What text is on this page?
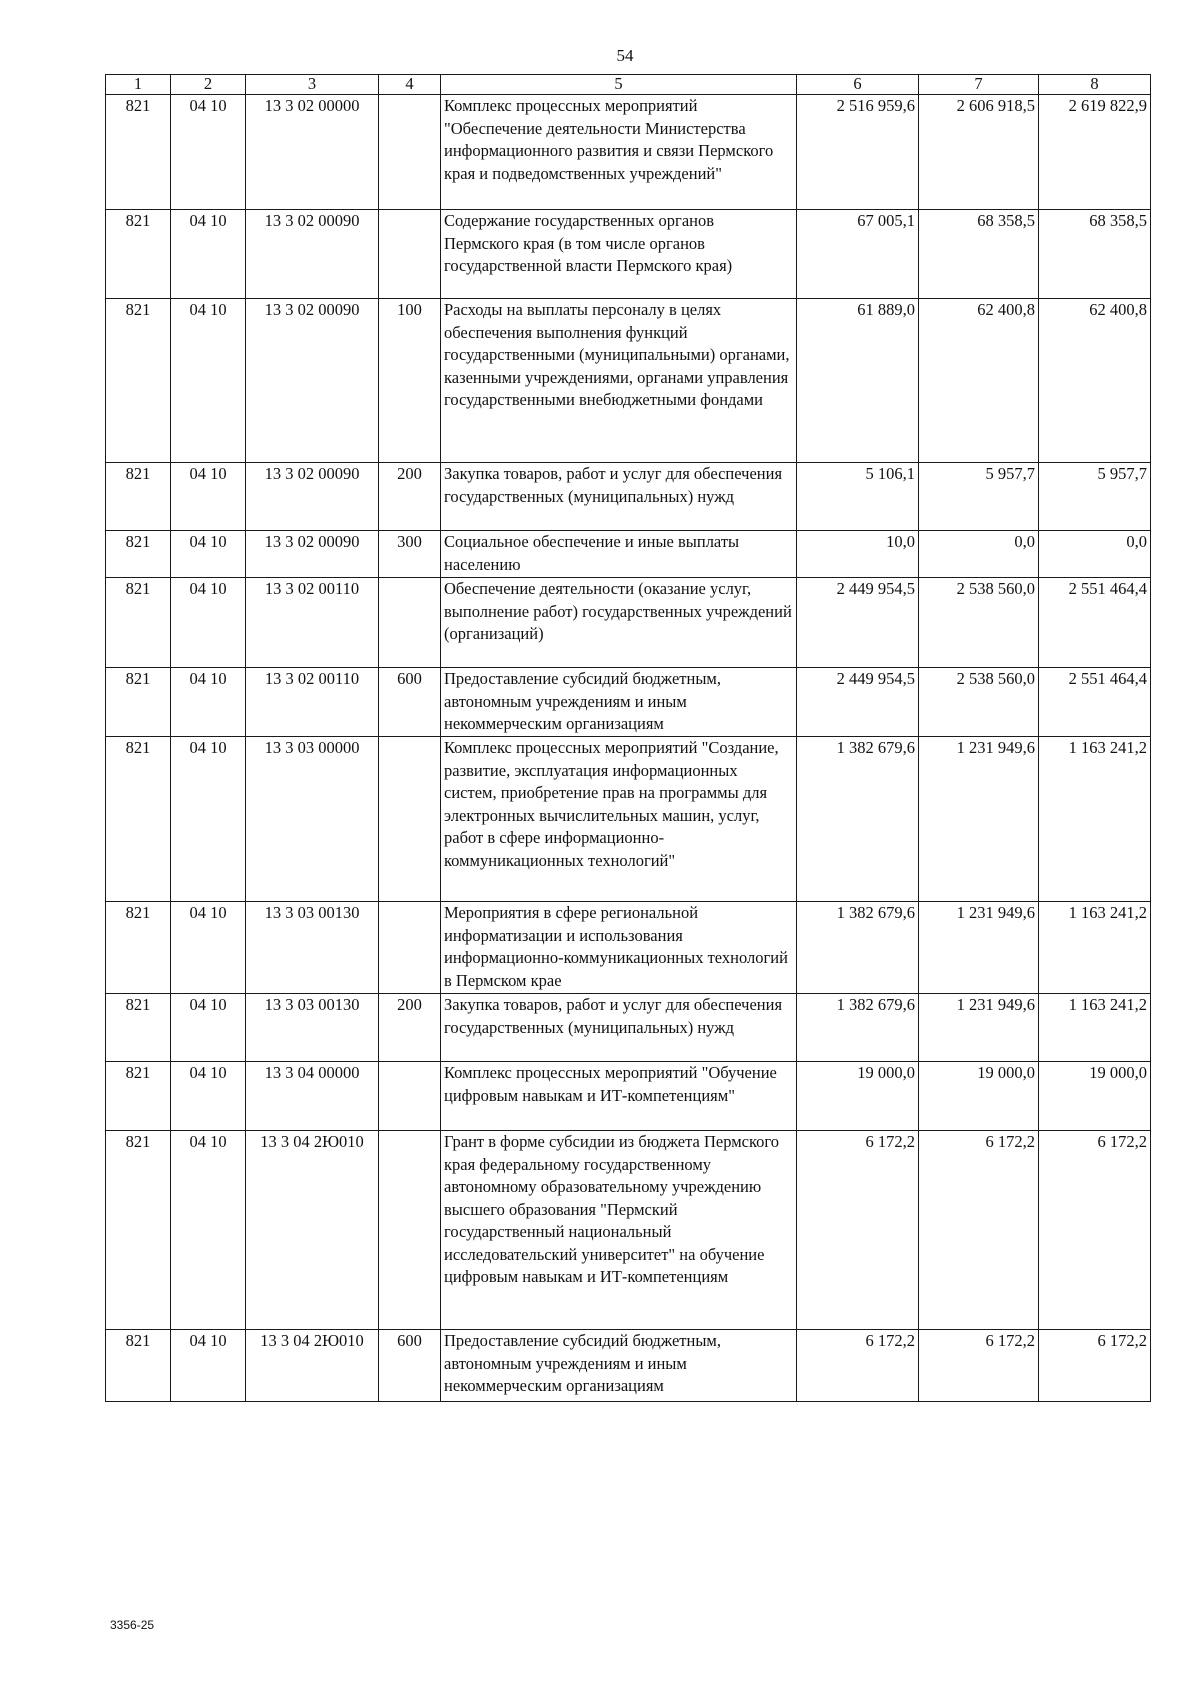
54
1	2	3	4	5	6	7	8
821	04 10	13 3 02 00000		Комплекс процессных мероприятий "Обеспечение деятельности Министерства информационного развития и связи Пермского края и подведомственных учреждений"	2 516 959,6	2 606 918,5	2 619 822,9
821	04 10	13 3 02 00090		Содержание государственных органов Пермского края (в том числе органов государственной власти Пермского края)	67 005,1	68 358,5	68 358,5
821	04 10	13 3 02 00090	100	Расходы на выплаты персоналу в целях обеспечения выполнения функций государственными (муниципальными) органами, казенными учреждениями, органами управления государственными внебюджетными фондами	61 889,0	62 400,8	62 400,8
821	04 10	13 3 02 00090	200	Закупка товаров, работ и услуг для обеспечения государственных (муниципальных) нужд	5 106,1	5 957,7	5 957,7
821	04 10	13 3 02 00090	300	Социальное обеспечение и иные выплаты населению	10,0	0,0	0,0
821	04 10	13 3 02 00110		Обеспечение деятельности (оказание услуг, выполнение работ) государственных учреждений (организаций)	2 449 954,5	2 538 560,0	2 551 464,4
821	04 10	13 3 02 00110	600	Предоставление субсидий бюджетным, автономным учреждениям и иным некоммерческим организациям	2 449 954,5	2 538 560,0	2 551 464,4
821	04 10	13 3 03 00000		Комплекс процессных мероприятий "Создание, развитие, эксплуатация информационных систем, приобретение прав на программы для электронных вычислительных машин, услуг, работ в сфере информационно-коммуникационных технологий"	1 382 679,6	1 231 949,6	1 163 241,2
821	04 10	13 3 03 00130		Мероприятия в сфере региональной информатизации и использования информационно-коммуникационных технологий в Пермском крае	1 382 679,6	1 231 949,6	1 163 241,2
821	04 10	13 3 03 00130	200	Закупка товаров, работ и услуг для обеспечения государственных (муниципальных) нужд	1 382 679,6	1 231 949,6	1 163 241,2
821	04 10	13 3 04 00000		Комплекс процессных мероприятий "Обучение цифровым навыкам и ИТ-компетенциям"	19 000,0	19 000,0	19 000,0
821	04 10	13 3 04 2Ю010		Грант в форме субсидии из бюджета Пермского края федеральному государственному автономному образовательному учреждению высшего образования "Пермский государственный национальный исследовательский университет" на обучение цифровым навыкам и ИТ-компетенциям	6 172,2	6 172,2	6 172,2
821	04 10	13 3 04 2Ю010	600	Предоставление субсидий бюджетным, автономным учреждениям и иным некоммерческим организациям	6 172,2	6 172,2	6 172,2
3356-25
